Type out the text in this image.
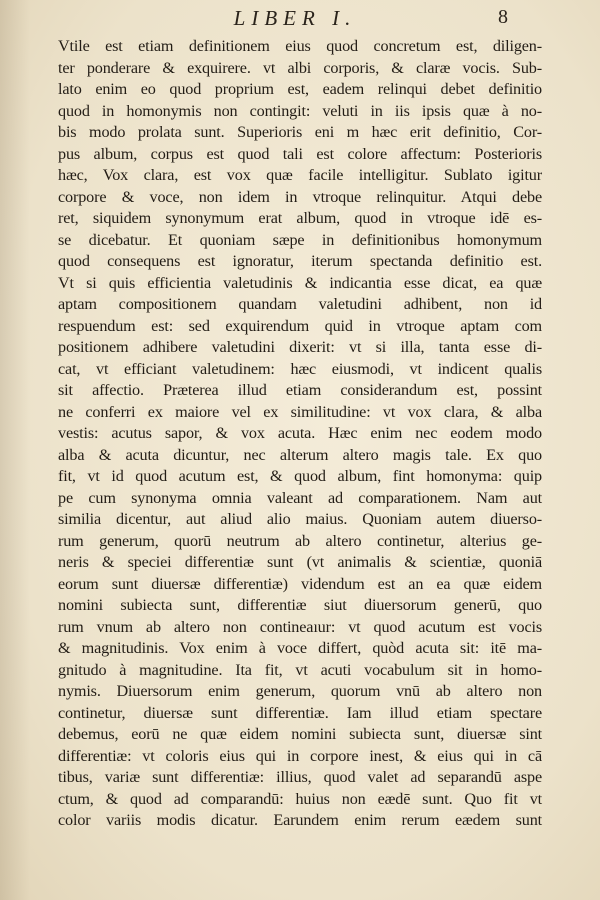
LIBER I.	8
Vtile est etiam definitionem eius quod concretum est, diligen-
ter ponderare & exquirere. vt albi corporis, & claræ vocis. Sub-
lato enim eo quod proprium est, eadem relinqui debet definitio
quod in homonymis non contingit: veluti in iis ipsis quæ à no-
bis modo prolata sunt. Superioris eni m hæc erit definitio, Cor-
pus album, corpus est quod tali est colore affectum: Posterioris
hæc, Vox clara, est vox quæ facile intelligitur. Sublato igitur
corpore & voce, non idem in vtroque relinquitur. Atqui debe
ret, siquidem synonymum erat album, quod in vtroque idē es-
se dicebatur. Et quoniam sæpe in definitionibus homonymum
quod consequens est ignoratur, iterum spectanda definitio est.
Vt si quis efficientia valetudinis & indicantia esse dicat, ea quæ
aptam compositionem quandam valetudini adhibent, non id
respuendum est: sed exquirendum quid in vtroque aptam com
positionem adhibere valetudini dixerit: vt si illa, tanta esse di-
cat, vt efficiant valetudinem: hæc eiusmodi, vt indicent qualis
sit affectio. Præterea illud etiam considerandum est, possint
ne conferri ex maiore vel ex similitudine: vt vox clara, & alba
vestis: acutus sapor, & vox acuta. Hæc enim nec eodem modo
alba & acuta dicuntur, nec alterum altero magis tale. Ex quo
fit, vt id quod acutum est, & quod album, fint homonyma: quip
pe cum synonyma omnia valeant ad comparationem. Nam aut
similia dicentur, aut aliud alio maius. Quoniam autem diuerso-
rum generum, quorū neutrum ab altero continetur, alterius ge-
neris & speciei differentiæ sunt (vt animalis & scientiæ, quoniā
eorum sunt diuersæ differentiæ) videndum est an ea quæ eidem
nomini subiecta sunt, differentiæ siut diuersorum generū, quo
rum vnum ab altero non contineaıur: vt quod acutum est vocis
& magnitudinis. Vox enim à voce differt, quòd acuta sit: itē ma-
gnitudo à magnitudine. Ita fit, vt acuti vocabulum sit in homo-
nymis. Diuersorum enim generum, quorum vnū ab altero non
continetur, diuersæ sunt differentiæ. Iam illud etiam spectare
debemus, eorū ne quæ eidem nomini subiecta sunt, diuersæ sint
differentiæ: vt coloris eius qui in corpore inest, & eius qui in cā
tibus, variæ sunt differentiæ: illius, quod valet ad separandū aspe
ctum, & quod ad comparandū: huius non eædē sunt. Quo fit vt
color variis modis dicatur. Earundem enim rerum eædem sunt
